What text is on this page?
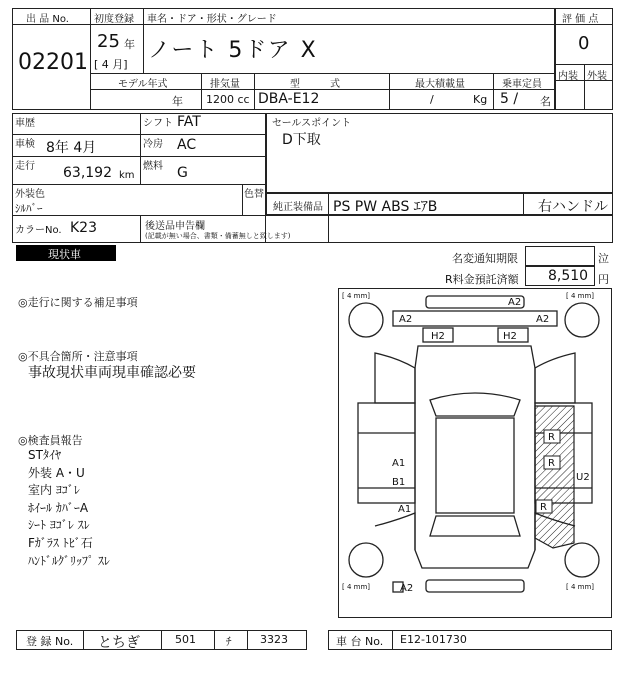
出 品 No.
02201
初度登録
25 年
[ 4 月]
車名・ドア・形状・グレード
ノート 5ドア X
モデル年式
年
排気量
1200 cc
型　　　式
DBA-E12
最大積載量
/	Kg
乗車定員
5 / 名
評 価 点
0
内装 外装
車歴	シフト FAT
車検 8年 4月	冷房 AC
走行 63,192 km
燃料 G
外装色
ｼﾙﾊﾞｰ
色替
カラーNo. K23
セールスポイント
D下取
純正装備品 PS PW ABS ｴｱB	右ハンドル
後送品申告欄
(記載が無い場合、書類・備蓄無しと致します)
現状車	名変通知期限	泣
R料金預託済額 8,510 円
◎走行に関する補足事項
◎不具合箇所・注意事項
事故現状車両現車確認必要
◎検査員報告
STﾀｲﾔ
外装 A・U
室内 ﾖｺﾞﾚ
ﾎｲｰﾙ ｶﾊﾞｰA
ｼｰﾄ ﾖｺﾞﾚ ｽﾚ
Fｶﾞﾗｽ ﾄﾋﾞ石
ﾊﾝﾄﾞﾙｸﾞﾘｯﾌﾟ ｽﾚ
[ 4 mm]	[ 4 mm]
[ 4 mm]	[ 4 mm]
A2
A2	A2
H2	H2
A1
B1
A1
R
R
R
U2
A2
登 録 No. とちぎ	501	ﾁ	3323	車 台 No. E12-101730
